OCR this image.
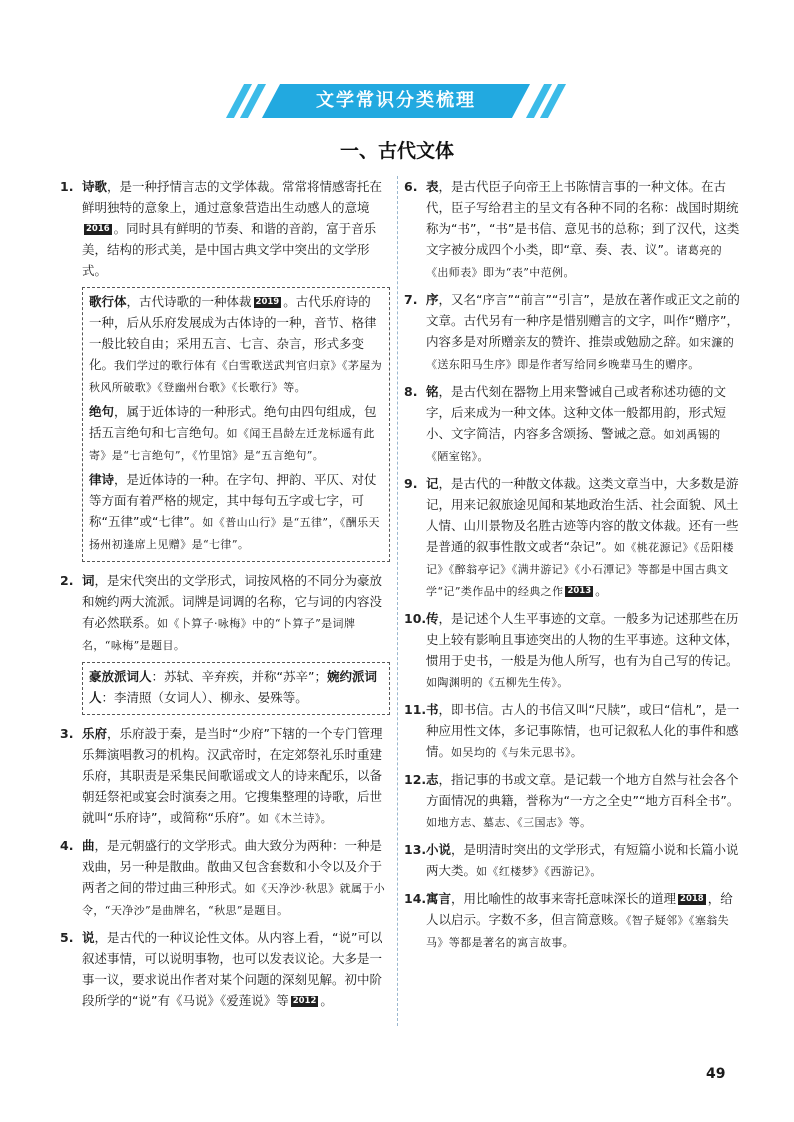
文学常识分类梳理
一、古代文体
1. 诗歌，是一种抒情言志的文学体裁。常常将情感寄托在鲜明独特的意象上，通过意象营造出生动感人的意境2016 。同时具有鲜明的节奏、和谐的音韵，富于音乐美，结构的形式美，是中国古典文学中突出的文学形式。

歌行体，古代诗歌的一种体裁 2019 。古代乐府诗的一种，后从乐府发展成为古体诗的一种，音节、格律一般比较自由；采用五言、七言、杂言，形式多变化。我们学过的歌行体有《白雪歌送武判官归京》《茅屋为秋风所破歌》《登幽州台歌》《长歌行》等。

绝句，属于近体诗的一种形式。绝句由四句组成，包括五言绝句和七言绝句。如《闻王昌龄左迁龙标遥有此寄》是“七言绝句”，《竹里馆》是“五言绝句”。

律诗，是近体诗的一种。在字句、押韵、平仄、对仗等方面有着严格的规定，其中每句五字或七字，可称“五律”或“七律”。如《普山山行》是“五律”，《酬乐天扬州初逢席上见赠》是“七律”。

2. 词，是宋代突出的文学形式，词按风格的不同分为豪放和婉约两大流派。词牌是词调的名称，它与词的内容没有必然联系。如《卜算子·咏梅》中的“卜算子”是词牌名，“咏梅”是题目。

豪放派词人：苏轼、辛弃疾，并称“苏辛”；婉约派词人：李清照（女词人）、柳永、晏殊等。

3. 乐府，乐府設于秦，是当时“少府”下辖的一个专门管理乐舞演唱教习的机构。汉武帝时，在定郊祭礼乐时重建乐府，其职责是采集民间歌谣或文人的诗来配乐，以备朝廷祭祀或宴会时演奏之用。它搜集整理的诗歌，后世就叫“乐府诗”，或简称“乐府”。如《木兰诗》。
4. 曲，是元朝盛行的文学形式。曲大致分为两种：一种是戏曲，另一种是散曲。散曲又包含套数和小令以及介于两者之间的带过曲三种形式。如《天净沙·秋思》就属于小令，“天净沙”是曲牌名，“秋思”是题目。
5. 说，是古代的一种议论性文体。从内容上看，“说”可以叙述事情，可以说明事物，也可以发表议论。大多是一事一议，要求说出作者对某个问题的深刻见解。初中阶段所学的“说”有《马说》《爱莲说》等 2012 。
6. 表，是古代臣子向帝王上书陈情言事的一种文体。在古代，臣子写给君主的呈文有各种不同的名称：战国时期统称为“书”，“书”是书信、意见书的总称；到了汉代，这类文字被分成四个小类，即“章、奏、表、议”。诸葛亮的《出师表》即为“表”中范例。
7. 序，又名“序言”“前言”“引言”，是放在著作或正文之前的文章。古代另有一种序是惜别赠言的文字，叫作“赠序”，内容多是对所赠亲友的赞许、推崇或勉励之辞。如宋濂的《送东阳马生序》即是作者写给同乡晚辈马生的赠序。
8. 铭，是古代刻在器物上用来警诫自己或者称述功德的文字，后来成为一种文体。这种文体一般都用韵，形式短小、文字简洁，内容多含颂扬、警诫之意。如刘禹锡的《陋室铭》。
9. 记，是古代的一种散文体裁。这类文章当中，大多数是游记，用来记叙旅途见闻和某地政治生活、社会面貌、风土人情、山川景物及名胜古迹等内容的散文体裁。还有一些是普通的叙事性散文或者“杂记”。如《桃花源记》《岳阳楼记》《醉翁亭记》《满井游记》《小石潭记》等都是中国古典文学“记”类作品中的经典之作 2013 。
10. 传，是记述个人生平事迹的文章。一般多为记述那些在历史上较有影响且事迹突出的人物的生平事迹。这种文体，惯用于史书，一般是为他人所写，也有为自己写的传记。如陶渊明的《五柳先生传》。
11. 书，即书信。古人的书信又叫“尺牍”，或曰“信札”，是一种应用性文体，多记事陈情，也可记叙私人化的事件和感情。如吴均的《与朱元思书》。
12. 志，指记事的书或文章。是记载一个地方自然与社会各个方面情况的典籍，誉称为“一方之全史”“地方百科全书”。如地方志、墓志、《三国志》等。
13. 小说，是明清时突出的文学形式，有短篇小说和长篇小说两大类。如《红楼梦》《西游记》。
14. 寓言，用比喻性的故事来寄托意味深长的道理 2018 ，给人以启示。字数不多，但言简意赅。《智子疑邻》《塞翁失马》等都是著名的寓言故事。
49
